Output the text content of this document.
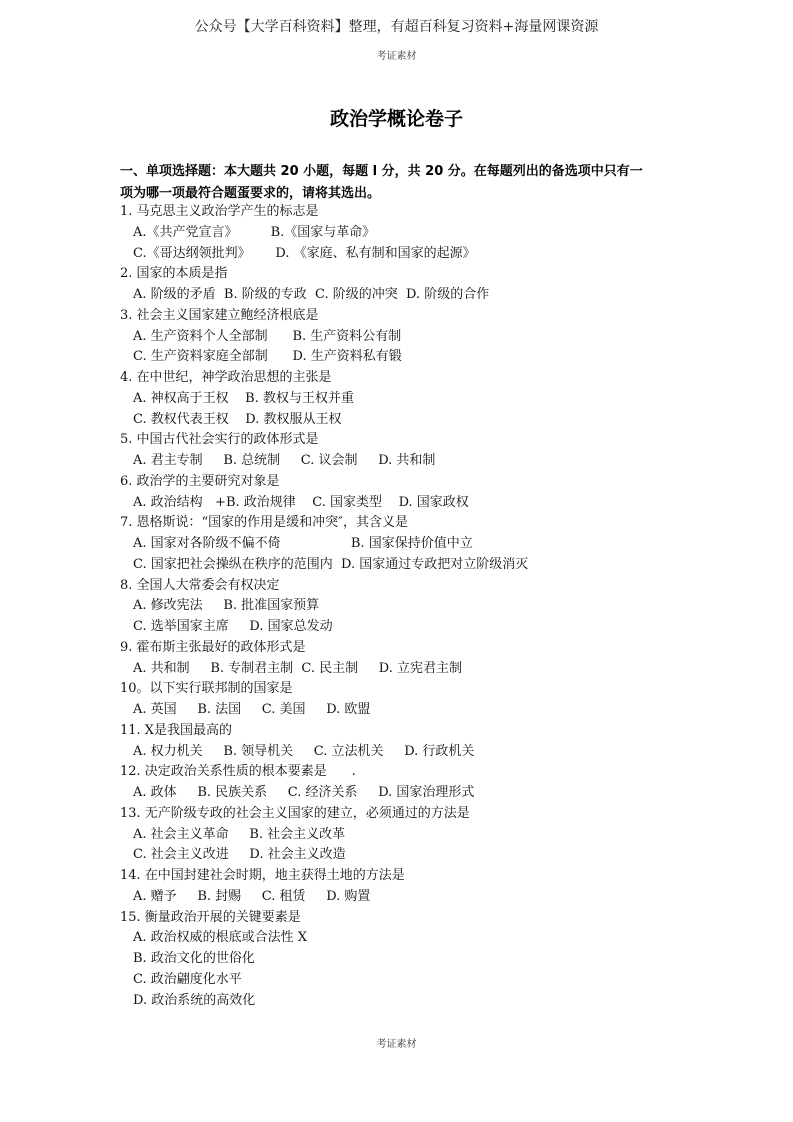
公众号【大学百科资料】整理，有超百科复习资料+海量网课资源
考证素材
政治学概论卷子
一、单项选择题：本大题共 20 小题，每题 l 分，共 20 分。在每题列出的备选项中只有一
项为哪一项最符合题蛋要求的，请将其选出。
1. 马克思主义政治学产生的标志是
A.《共产党宣言》        B.《国家与革命》
C.《哥达纲领批判》      D. 《家庭、私有制和国家的起源》
2. 国家的本质是指
A. 阶级的矛盾  B. 阶级的专政  C. 阶级的冲突  D. 阶级的合作
3. 社会主义国家建立鲍经济根底是
A. 生产资料个人全部制      B. 生产资料公有制
C. 生产资料家庭全部制      D. 生产资料私有锻
4. 在中世纪，神学政治思想的主张是
A. 神权高于王权    B. 教权与王权并重
C. 教权代表王权    D. 教权服从王权
5. 中国古代社会实行的政体形式是
A. 君主专制     B. 总统制     C. 议会制     D. 共和制
6. 政治学的主要研究对象是
A. 政治结构   +B. 政治规律    C. 国家类型    D. 国家政权
7. 恩格斯说：“国家的作用是缓和冲突″，其含义是
A. 国家对各阶级不偏不倚                 B. 国家保持价值中立
C. 国家把社会操纵在秩序的范围内  D. 国家通过专政把对立阶级消灭
8. 全国人大常委会有权决定
A. 修改宪法     B. 批准国家预算
C. 选举国家主席     D. 国家总发动
9. 霍布斯主张最好的政体形式是
A. 共和制     B. 专制君主制  C. 民主制     D. 立宪君主制
10。以下实行联邦制的国家是
A. 英国     B. 法国     C. 美国     D. 欧盟
11. X是我国最高的
A. 权力机关     B. 领导机关     C. 立法机关     D. 行政机关
12. 决定政治关系性质的根本要素是      .
A. 政体     B. 民族关系     C. 经济关系     D. 国家治理形式
13. 无产阶级专政的社会主义国家的建立，必须通过的方法是
A. 社会主义革命     B. 社会主义改革
C. 社会主义改进     D. 社会主义改造
14. 在中国封建社会时期，地主获得土地的方法是
A. 赠予     B. 封赐     C. 租赁     D. 购置
15. 衡量政治开展的关键要素是
A. 政治权威的根底或合法性 X
B. 政治文化的世俗化
C. 政治翩度化水平
D. 政治系统的高效化
考证素材
